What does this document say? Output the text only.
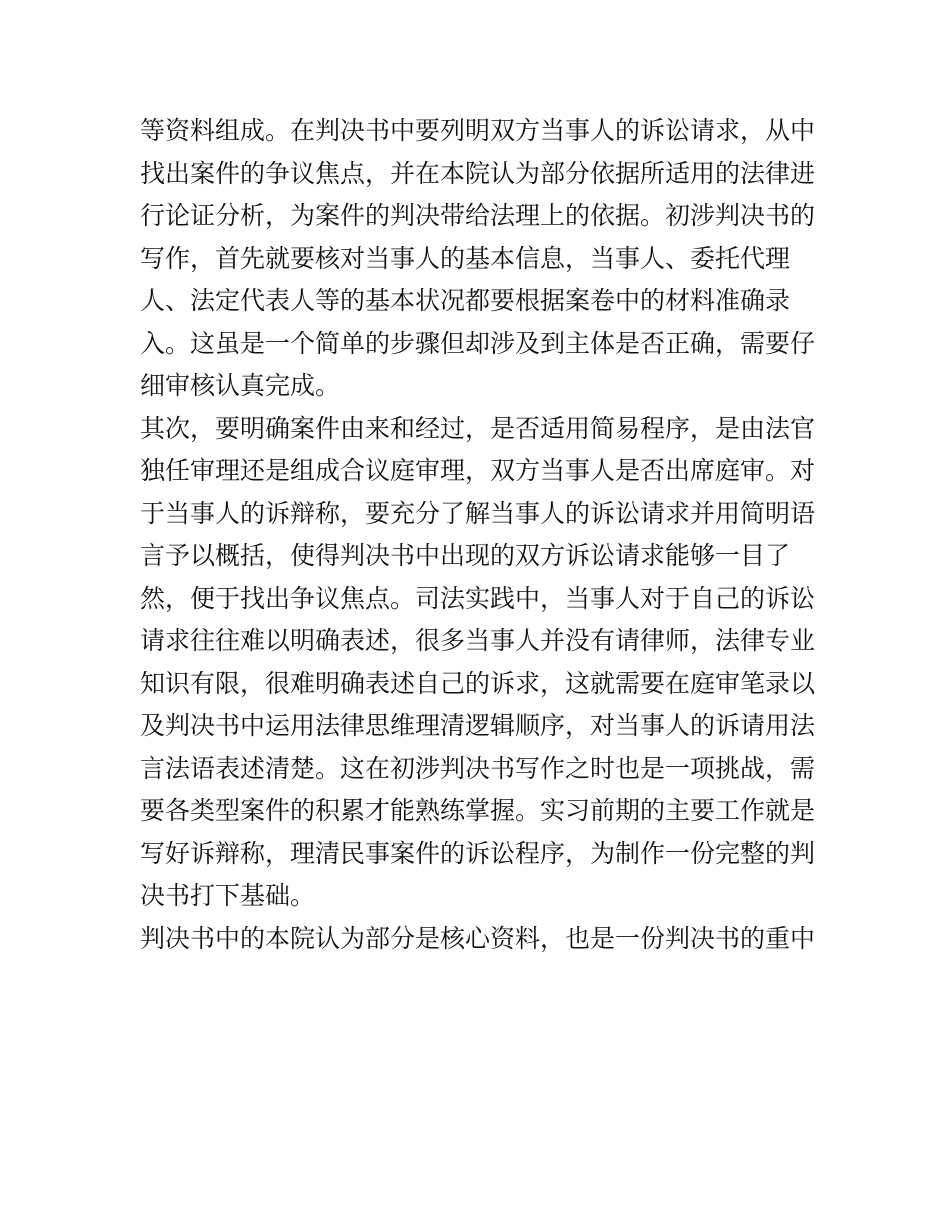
等资料组成。在判决书中要列明双方当事人的诉讼请求，从中
找出案件的争议焦点，并在本院认为部分依据所适用的法律进
行论证分析，为案件的判决带给法理上的依据。初涉判决书的
写作，首先就要核对当事人的基本信息，当事人、委托代理
人、法定代表人等的基本状况都要根据案卷中的材料准确录
入。这虽是一个简单的步骤但却涉及到主体是否正确，需要仔
细审核认真完成。
其次，要明确案件由来和经过，是否适用简易程序，是由法官
独任审理还是组成合议庭审理，双方当事人是否出席庭审。对
于当事人的诉辩称，要充分了解当事人的诉讼请求并用简明语
言予以概括，使得判决书中出现的双方诉讼请求能够一目了
然，便于找出争议焦点。司法实践中，当事人对于自己的诉讼
请求往往难以明确表述，很多当事人并没有请律师，法律专业
知识有限，很难明确表述自己的诉求，这就需要在庭审笔录以
及判决书中运用法律思维理清逻辑顺序，对当事人的诉请用法
言法语表述清楚。这在初涉判决书写作之时也是一项挑战，需
要各类型案件的积累才能熟练掌握。实习前期的主要工作就是
写好诉辩称，理清民事案件的诉讼程序，为制作一份完整的判
决书打下基础。
判决书中的本院认为部分是核心资料，也是一份判决书的重中
